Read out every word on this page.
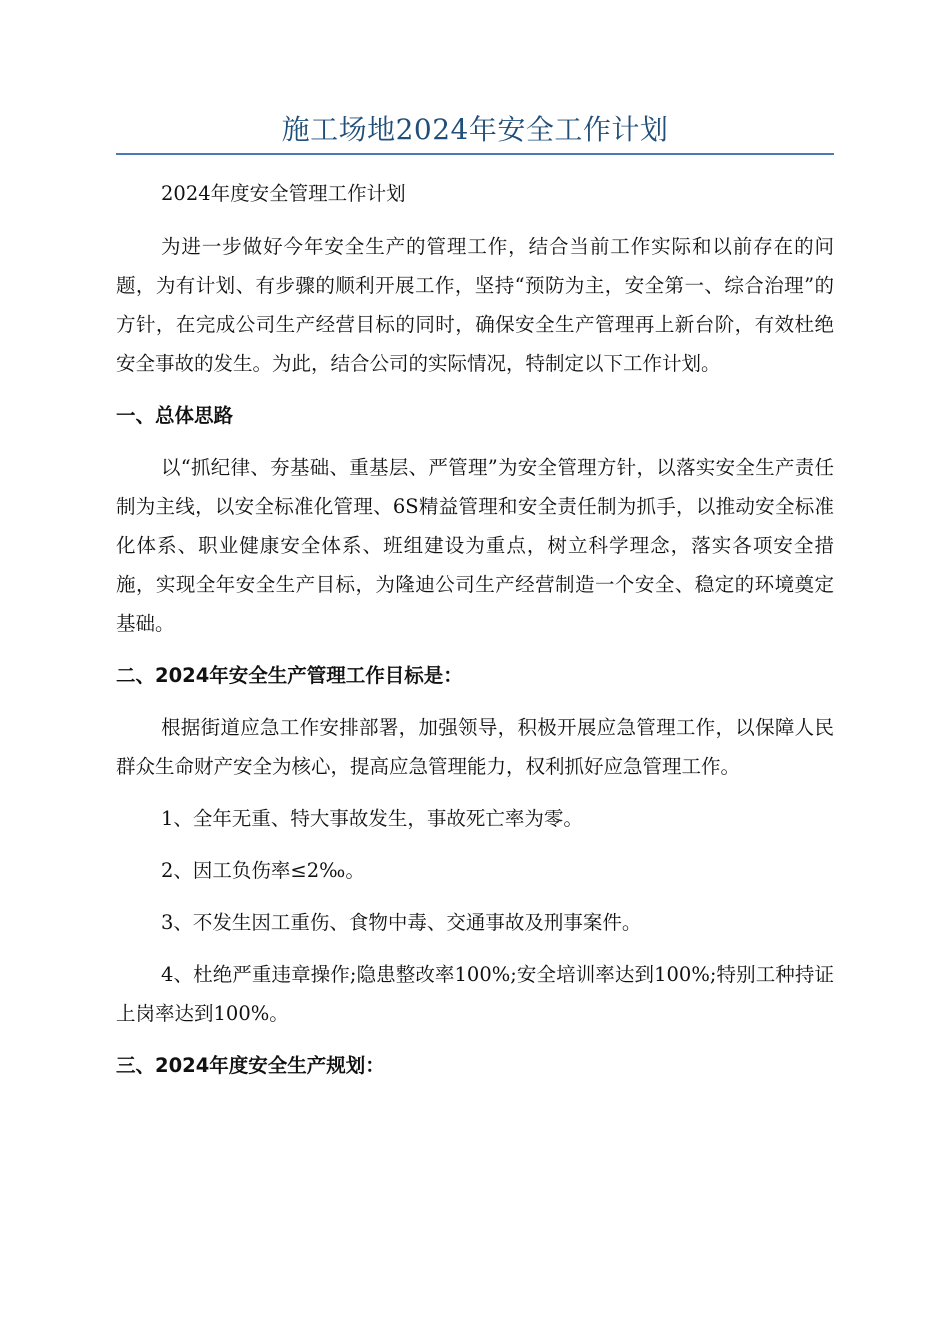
施工场地2024年安全工作计划

2024年度安全管理工作计划

为进一步做好今年安全生产的管理工作，结合当前工作实际和以前存在的问题，为有计划、有步骤的顺利开展工作，坚持“预防为主，安全第一、综合治理”的方针，在完成公司生产经营目标的同时，确保安全生产管理再上新台阶，有效杜绝安全事故的发生。为此，结合公司的实际情况，特制定以下工作计划。

一、总体思路

以“抓纪律、夯基础、重基层、严管理”为安全管理方针，以落实安全生产责任制为主线，以安全标准化管理、6S精益管理和安全责任制为抓手，以推动安全标准化体系、职业健康安全体系、班组建设为重点，树立科学理念，落实各项安全措施，实现全年安全生产目标，为隆迪公司生产经营制造一个安全、稳定的环境奠定基础。

二、2024年安全生产管理工作目标是：

根据街道应急工作安排部署，加强领导，积极开展应急管理工作，以保障人民群众生命财产安全为核心，提高应急管理能力，权利抓好应急管理工作。

1、全年无重、特大事故发生，事故死亡率为零。

2、因工负伤率≤2‰。

3、不发生因工重伤、食物中毒、交通事故及刑事案件。

4、杜绝严重违章操作;隐患整改率100%;安全培训率达到100%;特别工种持证上岗率达到100%。

三、2024年度安全生产规划：
